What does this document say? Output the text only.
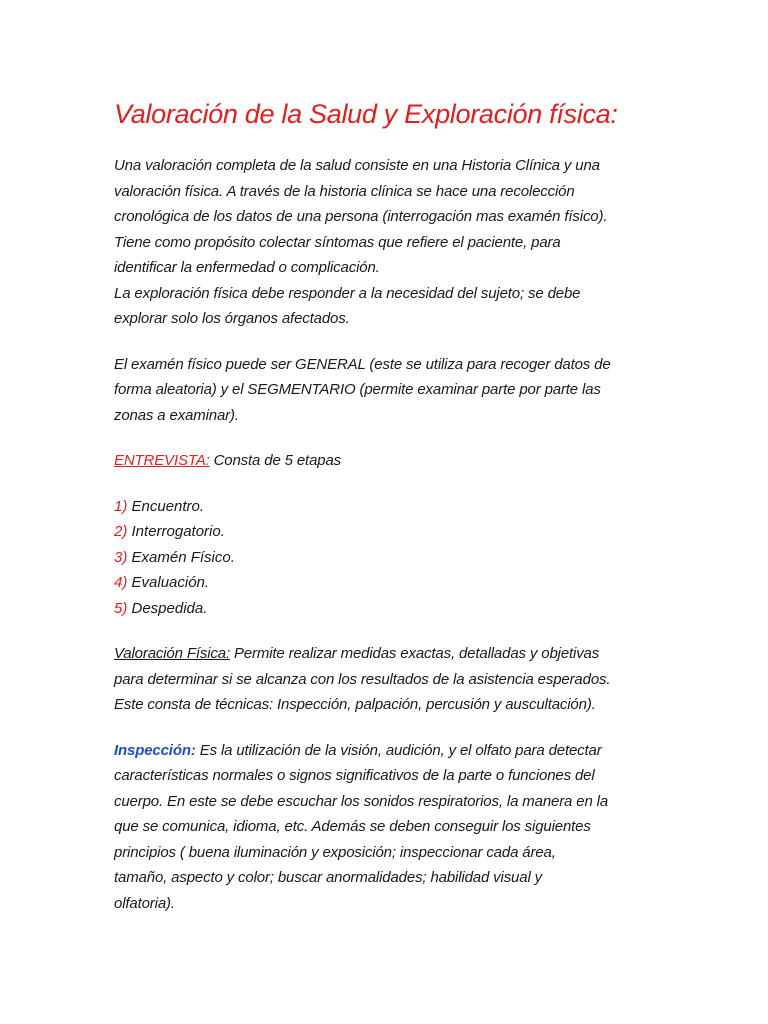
Valoración de la Salud y Exploración física:
Una valoración completa de la salud consiste en una Historia Clínica y una
valoración física. A través de la historia clínica se hace una recolección
cronológica de los datos de una persona (interrogación mas examén físico).
Tiene como propósito colectar síntomas que refiere el paciente, para
identificar la enfermedad o complicación.
La exploración física debe responder a la necesidad del sujeto; se debe
explorar solo los órganos afectados.
El examén físico puede ser GENERAL (este se utiliza para recoger datos de
forma aleatoria) y el SEGMENTARIO (permite examinar parte por parte las
zonas a examinar).
ENTREVISTA: Consta de 5 etapas
1) Encuentro.
2) Interrogatorio.
3) Examén Físico.
4) Evaluación.
5) Despedida.
Valoración Física: Permite realizar medidas exactas, detalladas y objetivas
para determinar si se alcanza con los resultados de la asistencia esperados.
Este consta de técnicas: Inspección, palpación, percusión y auscultación).
Inspección: Es la utilización de la visión, audición, y el olfato para detectar
características normales o signos significativos de la parte o funciones del
cuerpo. En este se debe escuchar los sonidos respiratorios, la manera en la
que se comunica, idioma, etc. Además se deben conseguir los siguientes
principios ( buena iluminación y exposición; inspeccionar cada área,
tamaño, aspecto y color; buscar anormalidades; habilidad visual y
olfatoria).
